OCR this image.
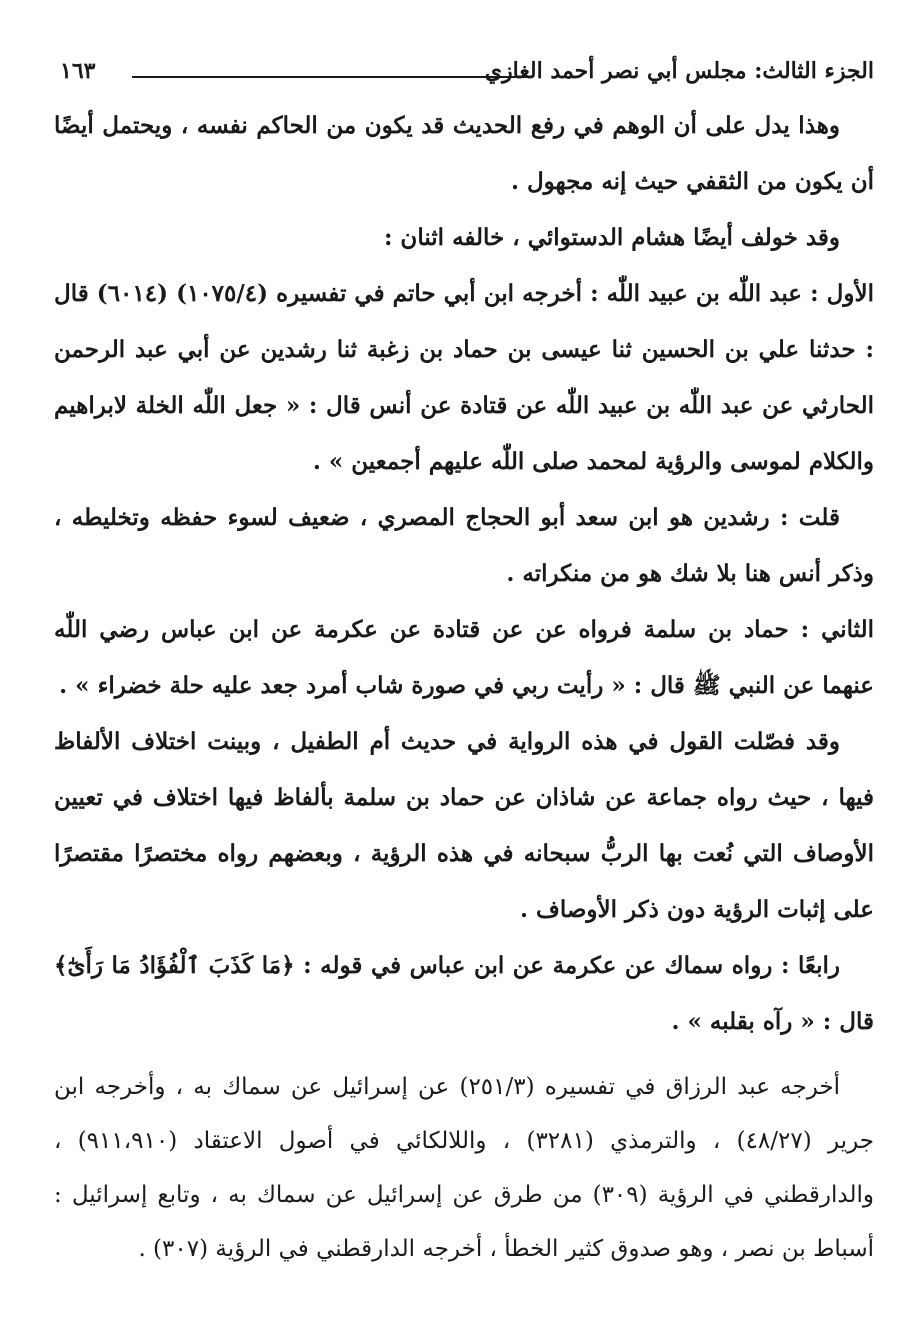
الجزء الثالث: مجلس أبي نصر أحمد الغازي
١٦٣

وهذا يدل على أن الوهم في رفع الحديث قد يكون من الحاكم نفسه ، ويحتمل أيضًا أن يكون من الثقفي حيث إنه مجهول .

وقد خولف أيضًا هشام الدستوائي ، خالفه اثنان :

الأول : عبد اللّٰه بن عبيد اللّٰه : أخرجه ابن أبي حاتم في تفسيره (١٠٧٥/٤) (٦٠١٤) قال : حدثنا علي بن الحسين ثنا عيسى بن حماد بن زغبة ثنا رشدين عن أبي عبد الرحمن الحارثي عن عبد اللّٰه بن عبيد اللّٰه عن قتادة عن أنس قال : « جعل اللّٰه الخلة لابراهيم والكلام لموسى والرؤية لمحمد صلى اللّٰه عليهم أجمعين » .

قلت : رشدين هو ابن سعد أبو الحجاج المصري ، ضعيف لسوء حفظه وتخليطه ، وذكر أنس هنا بلا شك هو من منكراته .

الثاني : حماد بن سلمة فرواه عن عن قتادة عن عكرمة عن ابن عباس رضي اللّٰه عنهما عن النبي ﷺ قال : « رأيت ربي في صورة شاب أمرد جعد عليه حلة خضراء » .

وقد فصّلت القول في هذه الرواية في حديث أم الطفيل ، وبينت اختلاف الألفاظ فيها ، حيث رواه جماعة عن شاذان عن حماد بن سلمة بألفاظ فيها اختلاف في تعيين الأوصاف التي نُعت بها الربُّ سبحانه في هذه الرؤية ، وبعضهم رواه مختصرًا مقتصرًا على إثبات الرؤية دون ذكر الأوصاف .

رابعًا : رواه سماك عن عكرمة عن ابن عباس في قوله : ﴿مَا كَذَبَ ٱلْفُؤَادُ مَا رَأَىٰٓ﴾ قال : « رآه بقلبه » .

أخرجه عبد الرزاق في تفسيره (٢٥١/٣) عن إسرائيل عن سماك به ، وأخرجه ابن جرير (٤٨/٢٧) ، والترمذي (٣٢٨١) ، واللالكائي في أصول الاعتقاد (٩١١،٩١٠) ، والدارقطني في الرؤية (٣٠٩) من طرق عن إسرائيل عن سماك به ، وتابع إسرائيل : أسباط بن نصر ، وهو صدوق كثير الخطأ ، أخرجه الدارقطني في الرؤية (٣٠٧) .
